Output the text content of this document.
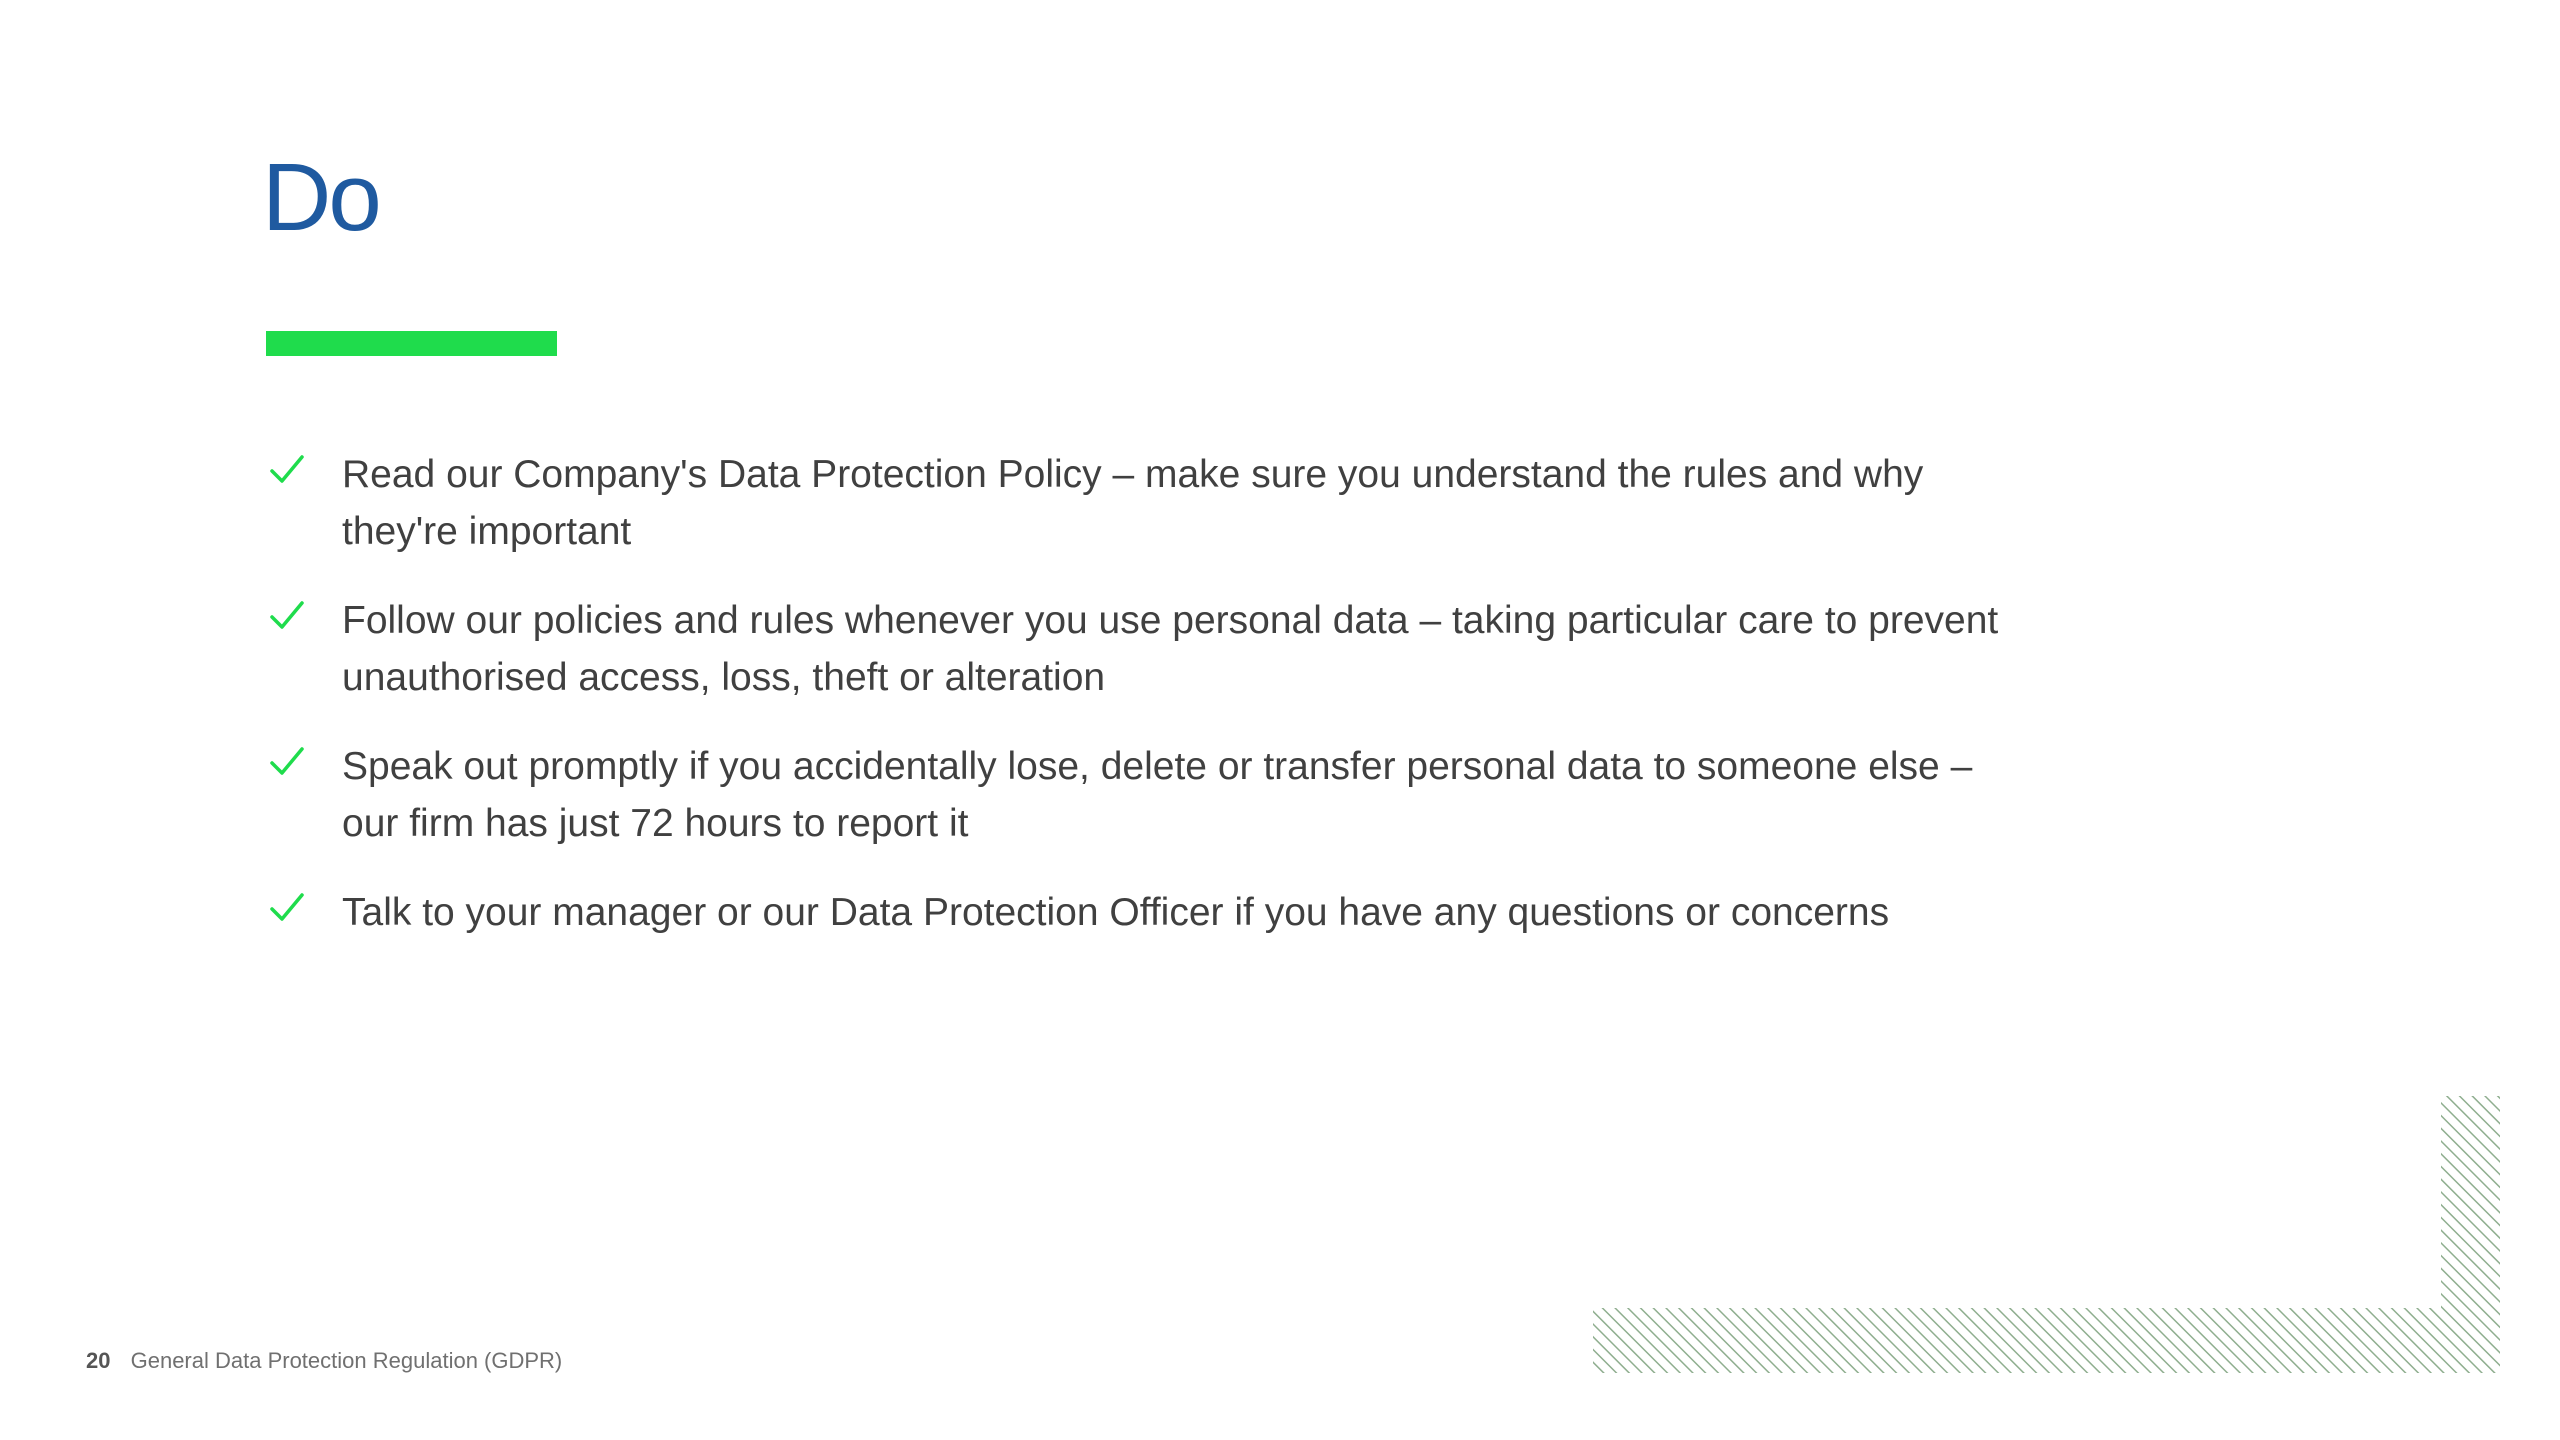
Do
Read our Company's Data Protection Policy – make sure you understand the rules and why they're important
Follow our policies and rules whenever you use personal data – taking particular care to prevent unauthorised access, loss, theft or alteration
Speak out promptly if you accidentally lose, delete or transfer personal data to someone else – our firm has just 72 hours to report it
Talk to your manager or our Data Protection Officer if you have any questions or concerns
20 General Data Protection Regulation (GDPR)
